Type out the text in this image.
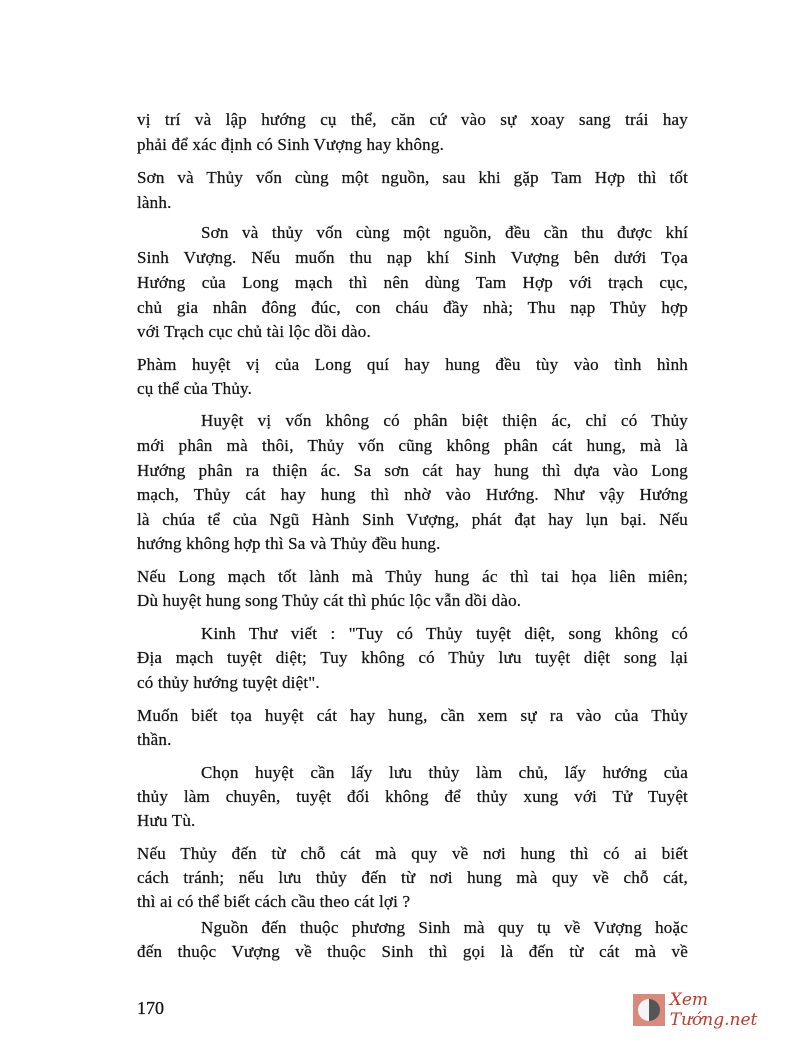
vị trí và lập hướng cụ thể, căn cứ vào sự xoay sang trái hay
phải để xác định có Sinh Vượng hay không.
Sơn và Thủy vốn cùng một nguồn, sau khi gặp Tam Hợp thì tốt
lành.
Sơn và thủy vốn cùng một nguồn, đều cần thu được khí
Sinh Vượng. Nếu muốn thu nạp khí Sinh Vượng bên dưới Tọa
Hướng của Long mạch thì nên dùng Tam Hợp với trạch cục,
chủ gia nhân đông đúc, con cháu đầy nhà; Thu nạp Thủy hợp
với Trạch cục chủ tài lộc dồi dào.
Phàm huyệt vị của Long quí hay hung đều tùy vào tình hình
cụ thể của Thủy.
Huyệt vị vốn không có phân biệt thiện ác, chỉ có Thủy
mới phân mà thôi, Thủy vốn cũng không phân cát hung, mà là
Hướng phân ra thiện ác. Sa sơn cát hay hung thì dựa vào Long
mạch, Thủy cát hay hung thì nhờ vào Hướng. Như vậy Hướng
là chúa tể của Ngũ Hành Sinh Vượng, phát đạt hay lụn bại. Nếu
hướng không hợp thì Sa và Thủy đều hung.
Nếu Long mạch tốt lành mà Thủy hung ác thì tai họa liên miên;
Dù huyệt hung song Thủy cát thì phúc lộc vẫn dồi dào.
Kinh Thư viết : "Tuy có Thủy tuyệt diệt, song không có
Địa mạch tuyệt diệt; Tuy không có Thủy lưu tuyệt diệt song lại
có thủy hướng tuyệt diệt".
Muốn biết tọa huyệt cát hay hung, cần xem sự ra vào của Thủy
thần.
Chọn huyệt cần lấy lưu thủy làm chủ, lấy hướng của
thủy làm chuyên, tuyệt đối không để thủy xung với Tử Tuyệt
Hưu Tù.
Nếu Thủy đến từ chỗ cát mà quy về nơi hung thì có ai biết
cách tránh; nếu lưu thủy đến từ nơi hung mà quy về chỗ cát,
thì ai có thể biết cách cầu theo cát lợi ?
Nguồn đến thuộc phương Sinh mà quy tụ về Vượng hoặc
đến thuộc Vượng về thuộc Sinh thì gọi là đến từ cát mà về
170	Xem Tướng.net
